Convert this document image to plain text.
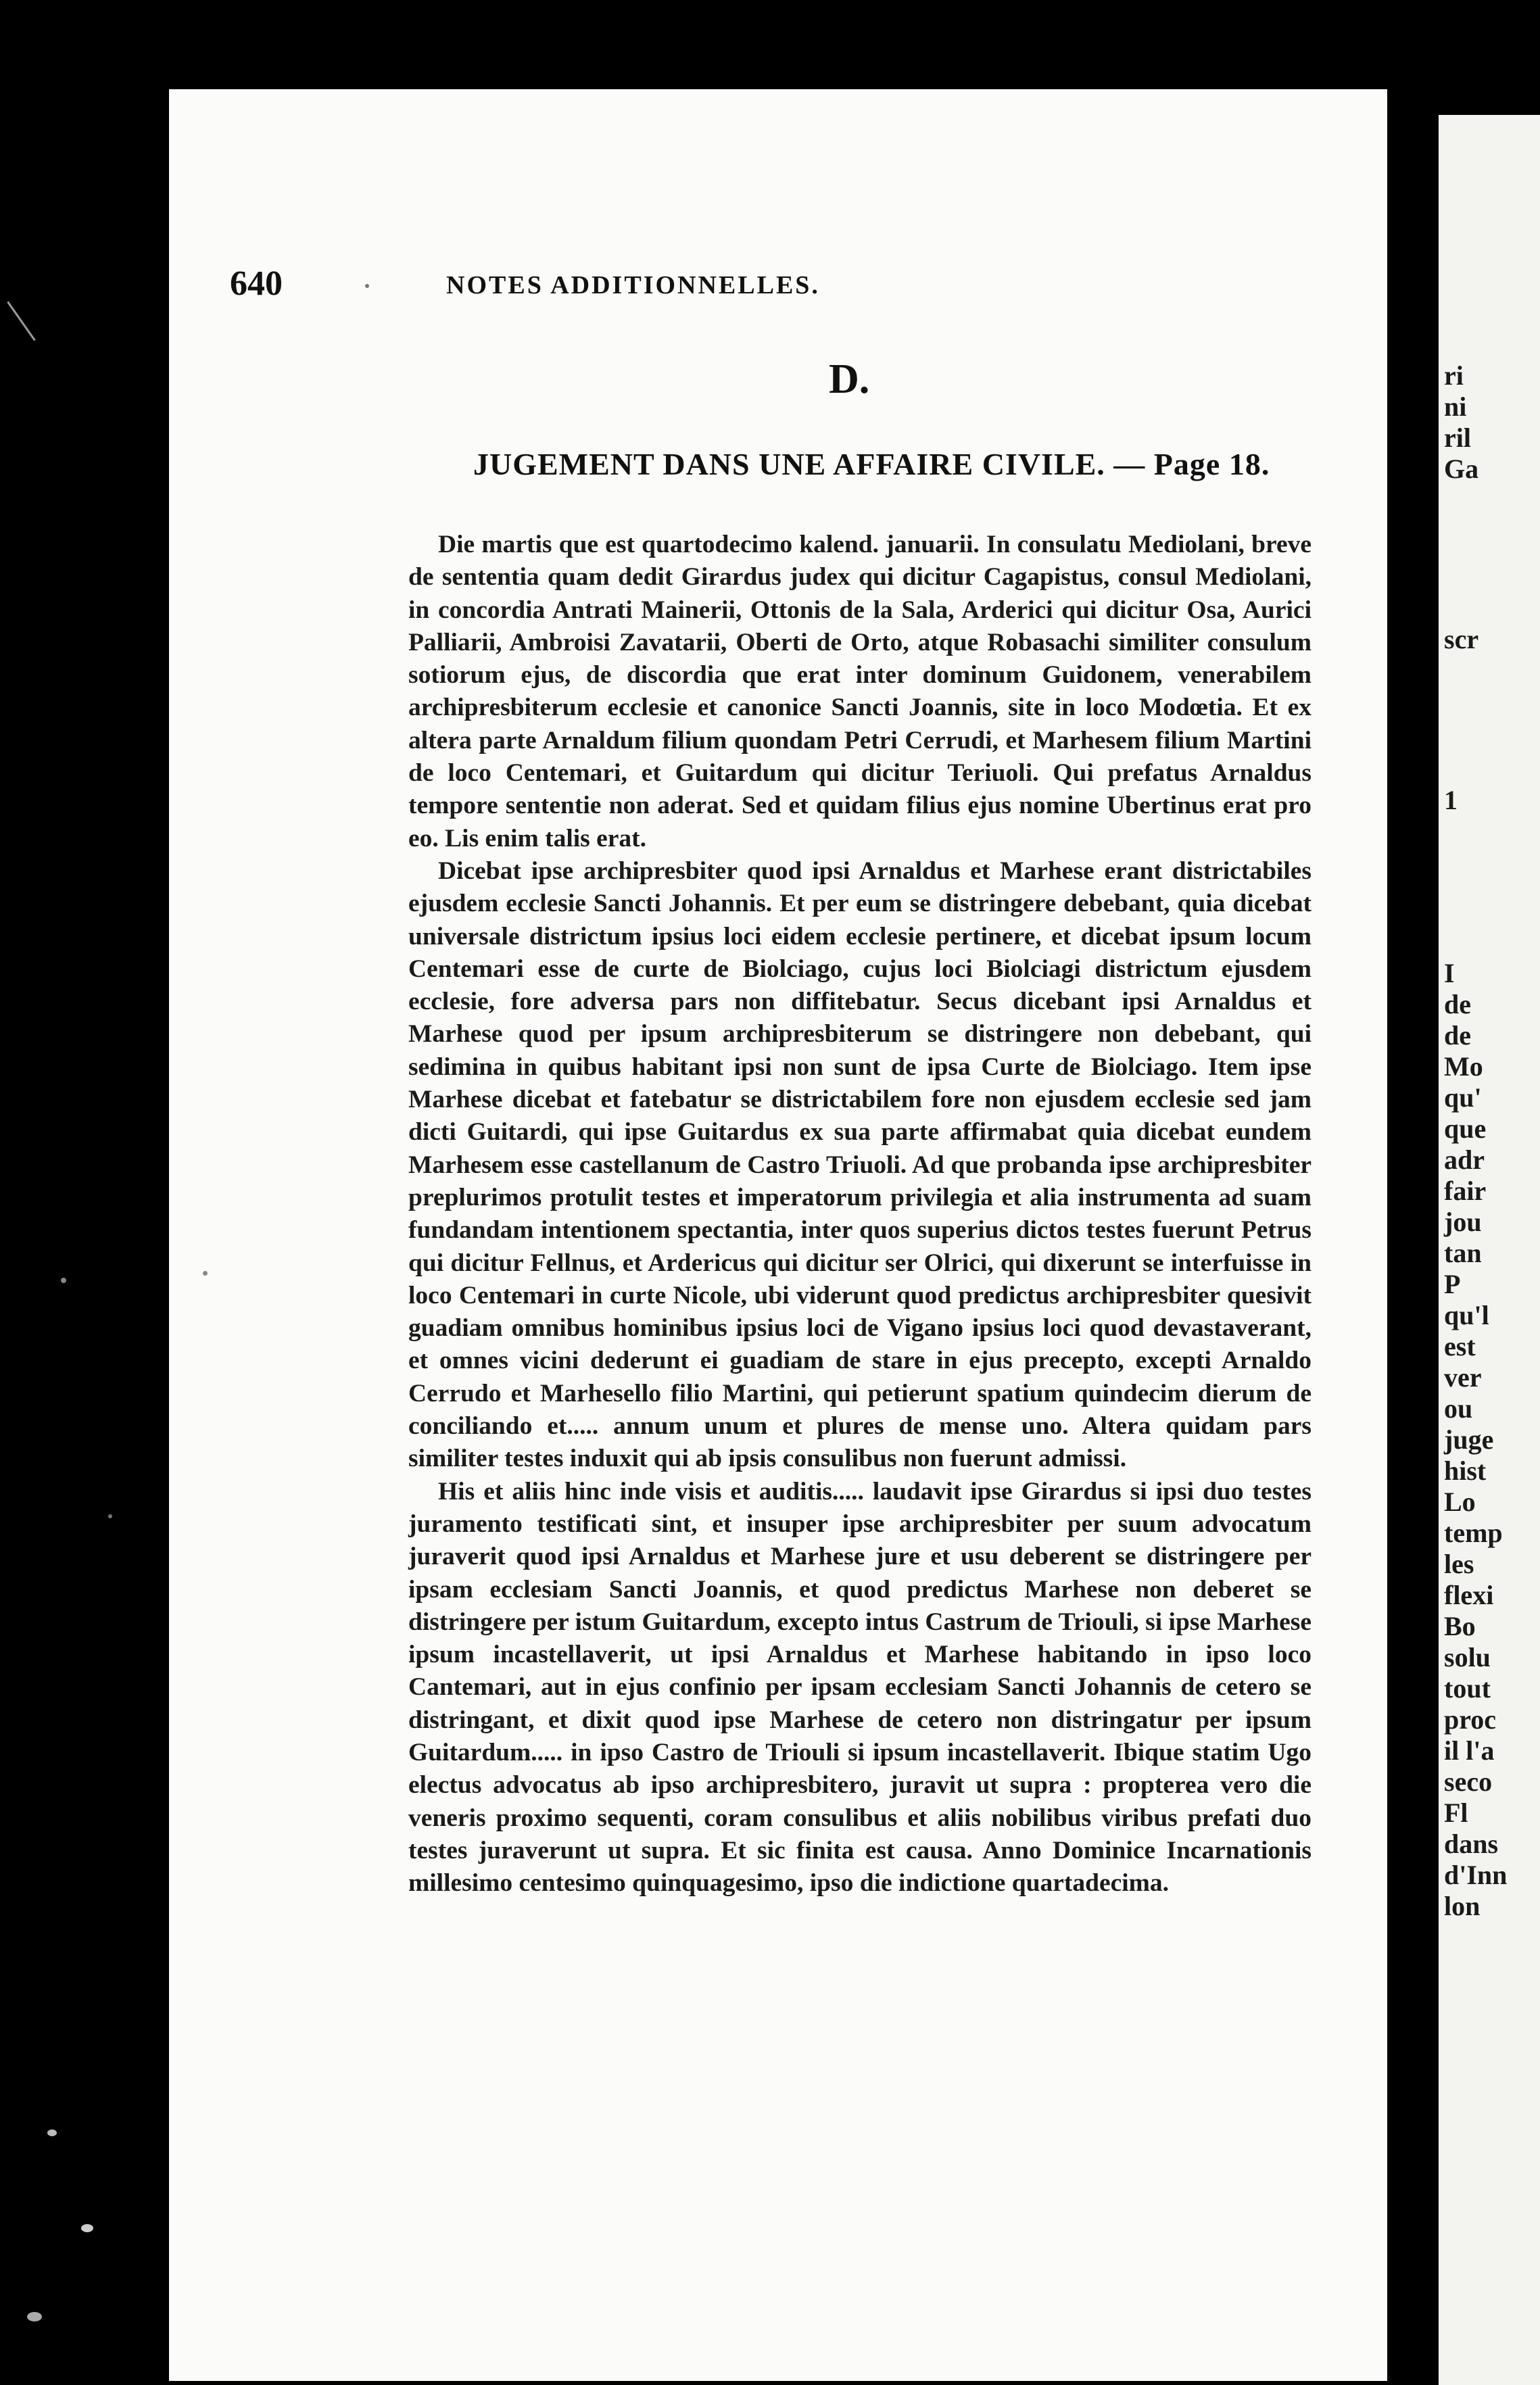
ri
ni
ril
Ga
scr
1
I
de
de
Mo
qu'
que
adr
fair
jou
tan
P
qu'l
est
ver
ou
juge
hist
Lo
temp
les
flexi
Bo
solu
tout
proc
il l'a
seco
Fl
dans
d'Inn
lon
640	NOTES ADDITIONNELLES.
D.
JUGEMENT DANS UNE AFFAIRE CIVILE. — Page 18.

Die martis que est quartodecimo kalend. januarii. In consulatu Mediolani, breve de sententia quam dedit Girardus judex qui dicitur Cagapistus, consul Mediolani, in concordia Antrati Mainerii, Ottonis de la Sala, Arderici qui dicitur Osa, Aurici Palliarii, Ambroisi Zavatarii, Oberti de Orto, atque Robasachi similiter consulum sotiorum ejus, de discordia que erat inter dominum Guidonem, venerabilem archipresbiterum ecclesie et canonice Sancti Joannis, site in loco Modœtia. Et ex altera parte Arnaldum filium quondam Petri Cerrudi, et Marhesem filium Martini de loco Centemari, et Guitardum qui dicitur Teriuoli. Qui prefatus Arnaldus tempore sententie non aderat. Sed et quidam filius ejus nomine Ubertinus erat pro eo. Lis enim talis erat.

Dicebat ipse archipresbiter quod ipsi Arnaldus et Marhese erant districtabiles ejusdem ecclesie Sancti Johannis. Et per eum se distringere debebant, quia dicebat universale districtum ipsius loci eidem ecclesie pertinere, et dicebat ipsum locum Centemari esse de curte de Biolciago, cujus loci Biolciagi districtum ejusdem ecclesie, fore adversa pars non diffitebatur. Secus dicebant ipsi Arnaldus et Marhese quod per ipsum archipresbiterum se distringere non debebant, qui sedimina in quibus habitant ipsi non sunt de ipsa Curte de Biolciago. Item ipse Marhese dicebat et fatebatur se districtabilem fore non ejusdem ecclesie sed jam dicti Guitardi, qui ipse Guitardus ex sua parte affirmabat quia dicebat eundem Marhesem esse castellanum de Castro Triuoli. Ad que probanda ipse archipresbiter preplurimos protulit testes et imperatorum privilegia et alia instrumenta ad suam fundandam intentionem spectantia, inter quos superius dictos testes fuerunt Petrus qui dicitur Fellnus, et Ardericus qui dicitur ser Olrici, qui dixerunt se interfuisse in loco Centemari in curte Nicole, ubi viderunt quod predictus archipresbiter quesivit guadiam omnibus hominibus ipsius loci de Vigano ipsius loci quod devastaverant, et omnes vicini dederunt ei guadiam de stare in ejus precepto, excepti Arnaldo Cerrudo et Marhesello filio Martini, qui petierunt spatium quindecim dierum de conciliando et..... annum unum et plures de mense uno. Altera quidam pars similiter testes induxit qui ab ipsis consulibus non fuerunt admissi.

His et aliis hinc inde visis et auditis..... laudavit ipse Girardus si ipsi duo testes juramento testificati sint, et insuper ipse archipresbiter per suum advocatum juraverit quod ipsi Arnaldus et Marhese jure et usu deberent se distringere per ipsam ecclesiam Sancti Joannis, et quod predictus Marhese non deberet se distringere per istum Guitardum, excepto intus Castrum de Triouli, si ipse Marhese ipsum incastellaverit, ut ipsi Arnaldus et Marhese habitando in ipso loco Cantemari, aut in ejus confinio per ipsam ecclesiam Sancti Johannis de cetero se distringant, et dixit quod ipse Marhese de cetero non distringatur per ipsum Guitardum..... in ipso Castro de Triouli si ipsum incastellaverit. Ibique statim Ugo electus advocatus ab ipso archipresbitero, juravit ut supra : propterea vero die veneris proximo sequenti, coram consulibus et aliis nobilibus viribus prefati duo testes juraverunt ut supra. Et sic finita est causa. Anno Dominice Incarnationis millesimo centesimo quinquagesimo, ipso die indictione quartadecima.
